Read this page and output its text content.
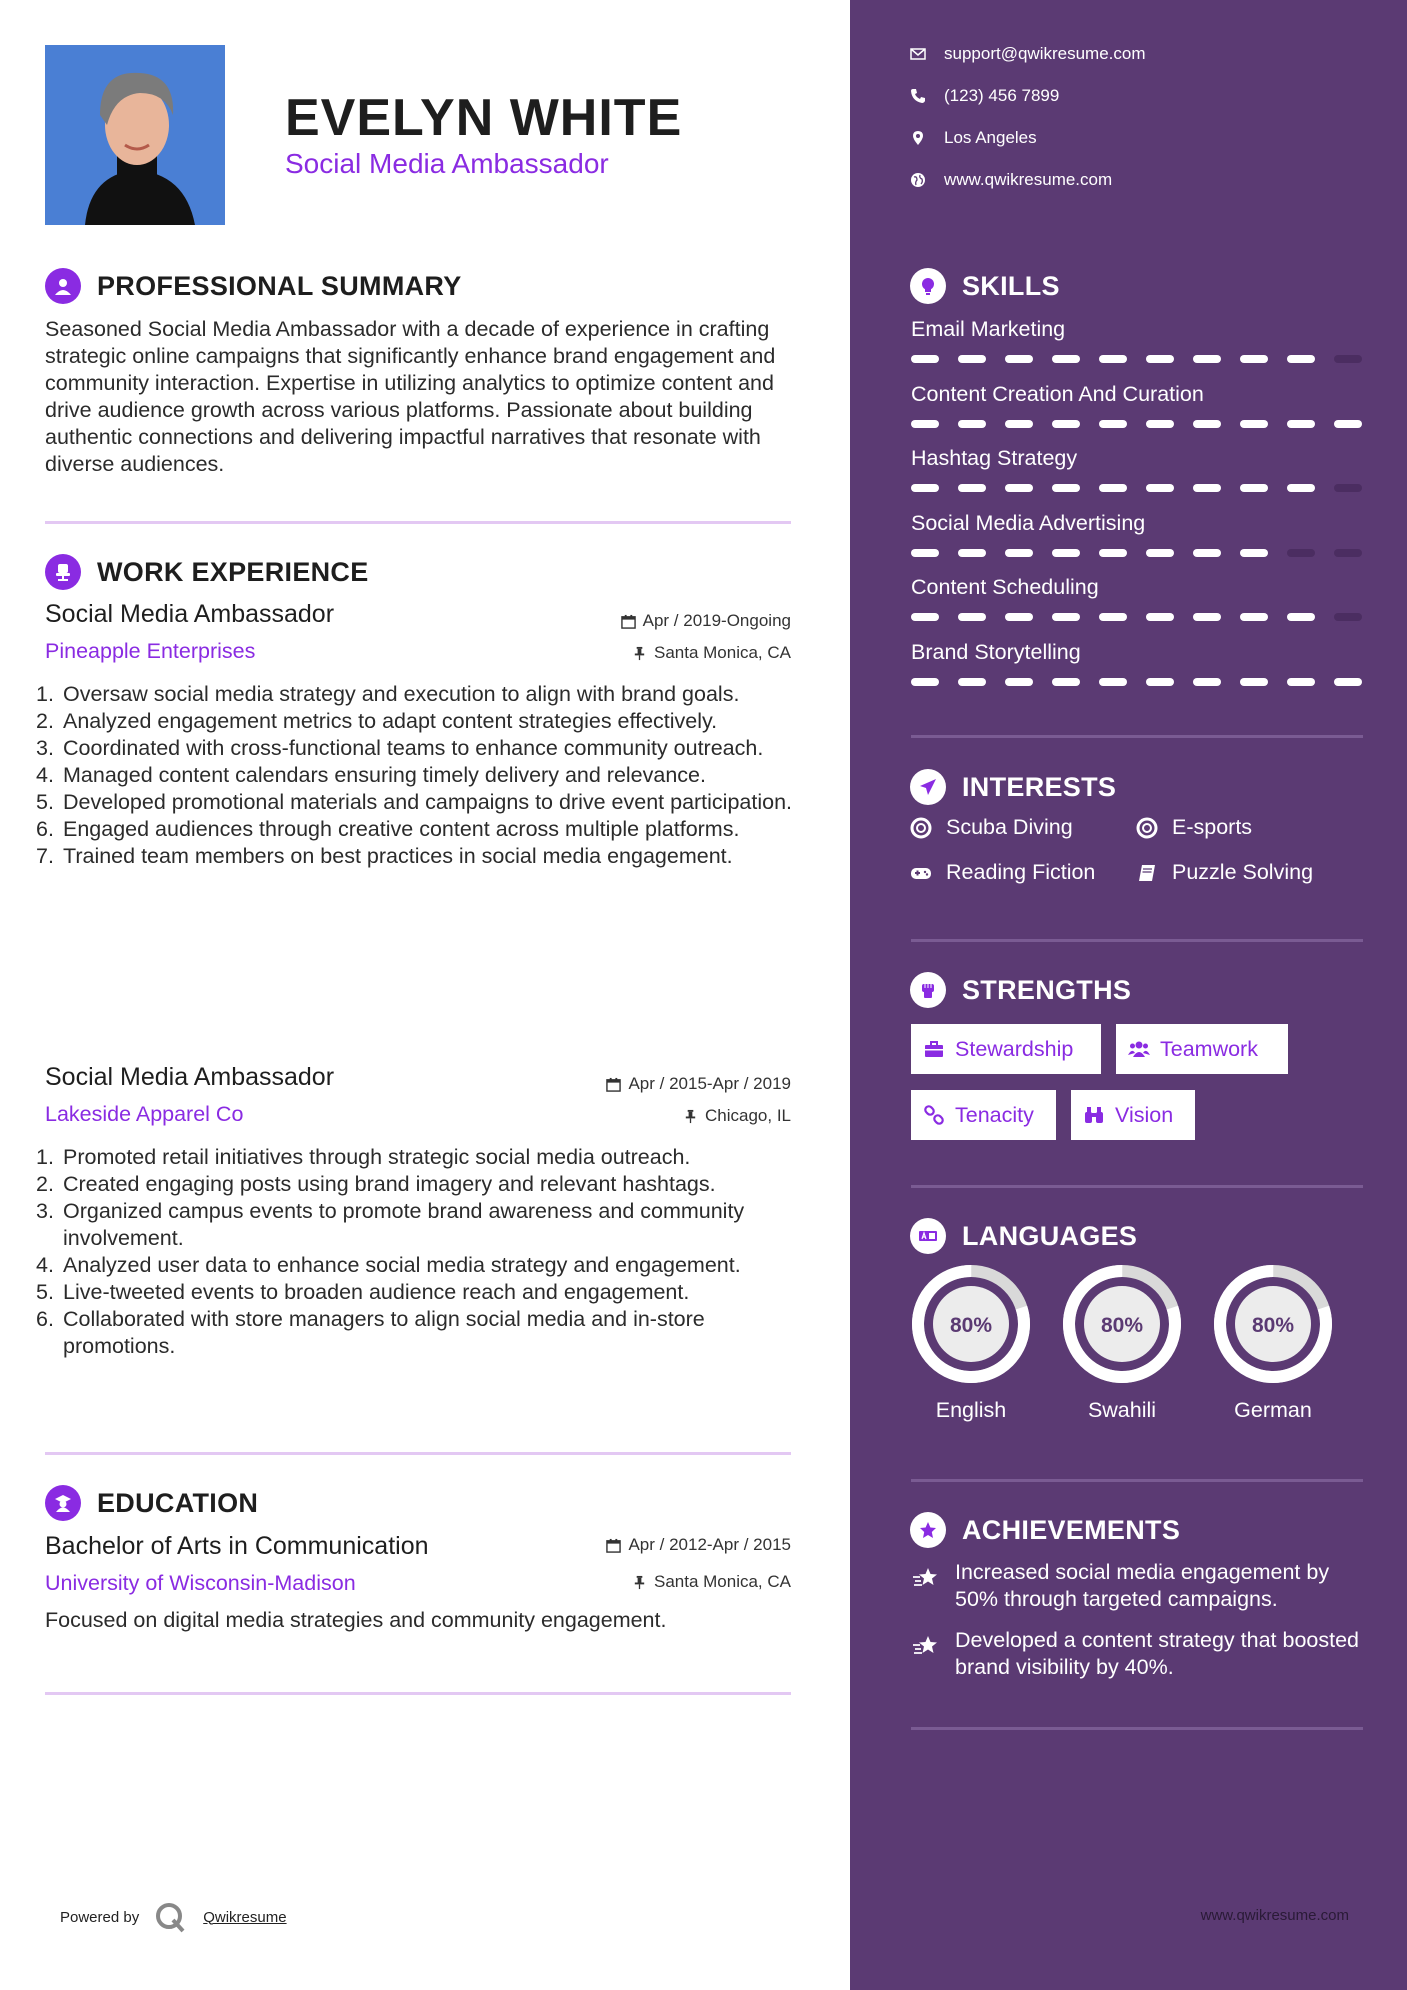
EVELYN WHITE
Social Media Ambassador
PROFESSIONAL SUMMARY
Seasoned Social Media Ambassador with a decade of experience in crafting strategic online campaigns that significantly enhance brand engagement and community interaction. Expertise in utilizing analytics to optimize content and drive audience growth across various platforms. Passionate about building authentic connections and delivering impactful narratives that resonate with diverse audiences.
WORK EXPERIENCE
Social Media Ambassador
Pineapple Enterprises
Apr / 2019-Ongoing
Santa Monica, CA
1. Oversaw social media strategy and execution to align with brand goals.
2. Analyzed engagement metrics to adapt content strategies effectively.
3. Coordinated with cross-functional teams to enhance community outreach.
4. Managed content calendars ensuring timely delivery and relevance.
5. Developed promotional materials and campaigns to drive event participation.
6. Engaged audiences through creative content across multiple platforms.
7. Trained team members on best practices in social media engagement.
Social Media Ambassador
Lakeside Apparel Co
Apr / 2015-Apr / 2019
Chicago, IL
1. Promoted retail initiatives through strategic social media outreach.
2. Created engaging posts using brand imagery and relevant hashtags.
3. Organized campus events to promote brand awareness and community involvement.
4. Analyzed user data to enhance social media strategy and engagement.
5. Live-tweeted events to broaden audience reach and engagement.
6. Collaborated with store managers to align social media and in-store promotions.
EDUCATION
Bachelor of Arts in Communication
University of Wisconsin-Madison
Apr / 2012-Apr / 2015
Santa Monica, CA
Focused on digital media strategies and community engagement.
Powered by	Qwikresume
support@qwikresume.com
(123) 456 7899
Los Angeles
www.qwikresume.com
SKILLS
Email Marketing
Content Creation And Curation
Hashtag Strategy
Social Media Advertising
Content Scheduling
Brand Storytelling
INTERESTS
Scuba Diving	E-sports
Reading Fiction	Puzzle Solving
STRENGTHS
Stewardship	Teamwork
Tenacity	Vision
LANGUAGES
80%
English
80%
Swahili
80%
German
ACHIEVEMENTS
Increased social media engagement by 50% through targeted campaigns.
Developed a content strategy that boosted brand visibility by 40%.
www.qwikresume.com
